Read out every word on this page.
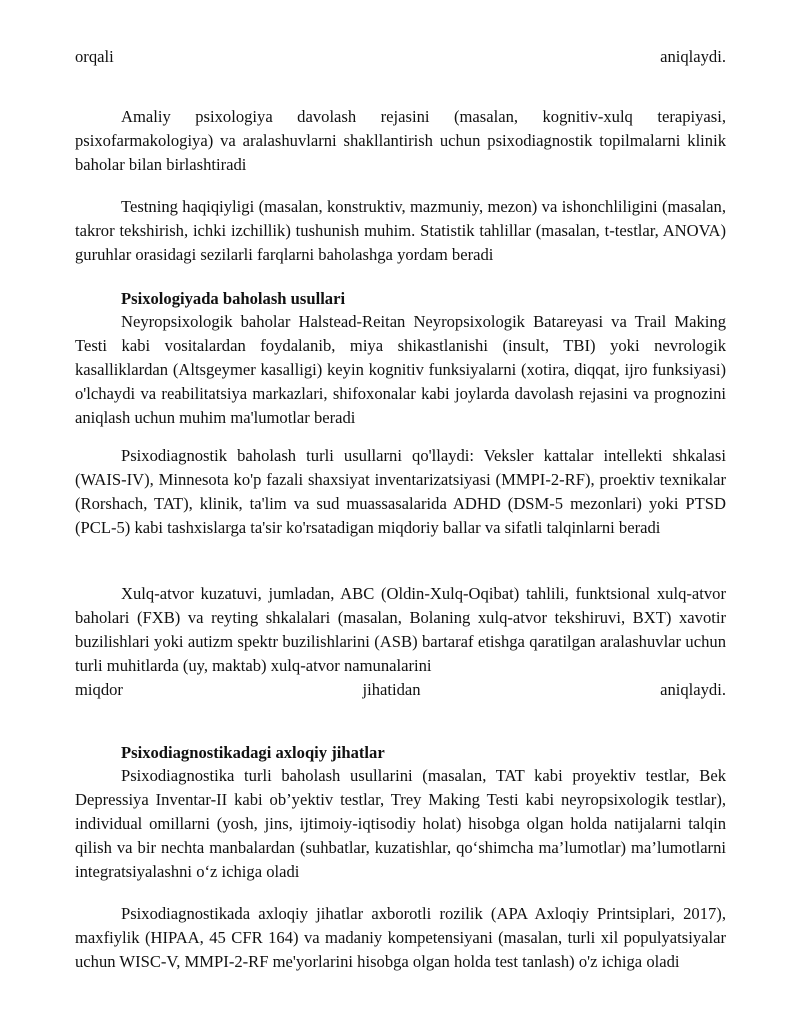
orqali	aniqlaydi.

Amaliy psixologiya davolash rejasini (masalan, kognitiv-xulq terapiyasi, psixofarmakologiya) va aralashuvlarni shakllantirish uchun psixodiagnostik topilmalarni klinik baholar bilan birlashtiradi

Testning haqiqiyligi (masalan, konstruktiv, mazmuniy, mezon) va ishonchliligini (masalan, takror tekshirish, ichki izchillik) tushunish muhim. Statistik tahlillar (masalan, t-testlar, ANOVA) guruhlar orasidagi sezilarli farqlarni baholashga yordam beradi

Psixologiyada baholash usullari

Neyropsixologik baholar Halstead-Reitan Neyropsixologik Batareyasi va Trail Making Testi kabi vositalardan foydalanib, miya shikastlanishi (insult, TBI) yoki nevrologik kasalliklardan (Altsgeymer kasalligi) keyin kognitiv funksiyalarni (xotira, diqqat, ijro funksiyasi) o'lchaydi va reabilitatsiya markazlari, shifoxonalar kabi joylarda davolash rejasini va prognozini aniqlash uchun muhim ma'lumotlar beradi

Psixodiagnostik baholash turli usullarni qo'llaydi: Veksler kattalar intellekti shkalasi (WAIS-IV), Minnesota ko'p fazali shaxsiyat inventarizatsiyasi (MMPI-2-RF), proektiv texnikalar (Rorshach, TAT), klinik, ta'lim va sud muassasalarida ADHD (DSM-5 mezonlari) yoki PTSD (PCL-5) kabi tashxislarga ta'sir ko'rsatadigan miqdoriy ballar va sifatli talqinlarni beradi

Xulq-atvor kuzatuvi, jumladan, ABC (Oldin-Xulq-Oqibat) tahlili, funktsional xulq-atvor baholari (FXB) va reyting shkalalari (masalan, Bolaning xulq-atvor tekshiruvi, BXT) xavotir buzilishlari yoki autizm spektr buzilishlarini (ASB) bartaraf etishga qaratilgan aralashuvlar uchun turli muhitlarda (uy, maktab) xulq-atvor namunalarini

miqdor	jihatidan	aniqlaydi.

Psixodiagnostikadagi axloqiy jihatlar

Psixodiagnostika turli baholash usullarini (masalan, TAT kabi proyektiv testlar, Bek Depressiya Inventar-II kabi ob’yektiv testlar, Trey Making Testi kabi neyropsixologik testlar), individual omillarni (yosh, jins, ijtimoiy-iqtisodiy holat) hisobga olgan holda natijalarni talqin qilish va bir nechta manbalardan (suhbatlar, kuzatishlar, qo‘shimcha ma’lumotlar) ma’lumotlarni integratsiyalashni o‘z ichiga oladi

Psixodiagnostikada axloqiy jihatlar axborotli rozilik (APA Axloqiy Printsiplari, 2017), maxfiylik (HIPAA, 45 CFR 164) va madaniy kompetensiyani (masalan, turli xil populyatsiyalar uchun WISC-V, MMPI-2-RF me'yorlarini hisobga olgan holda test tanlash) o'z ichiga oladi
